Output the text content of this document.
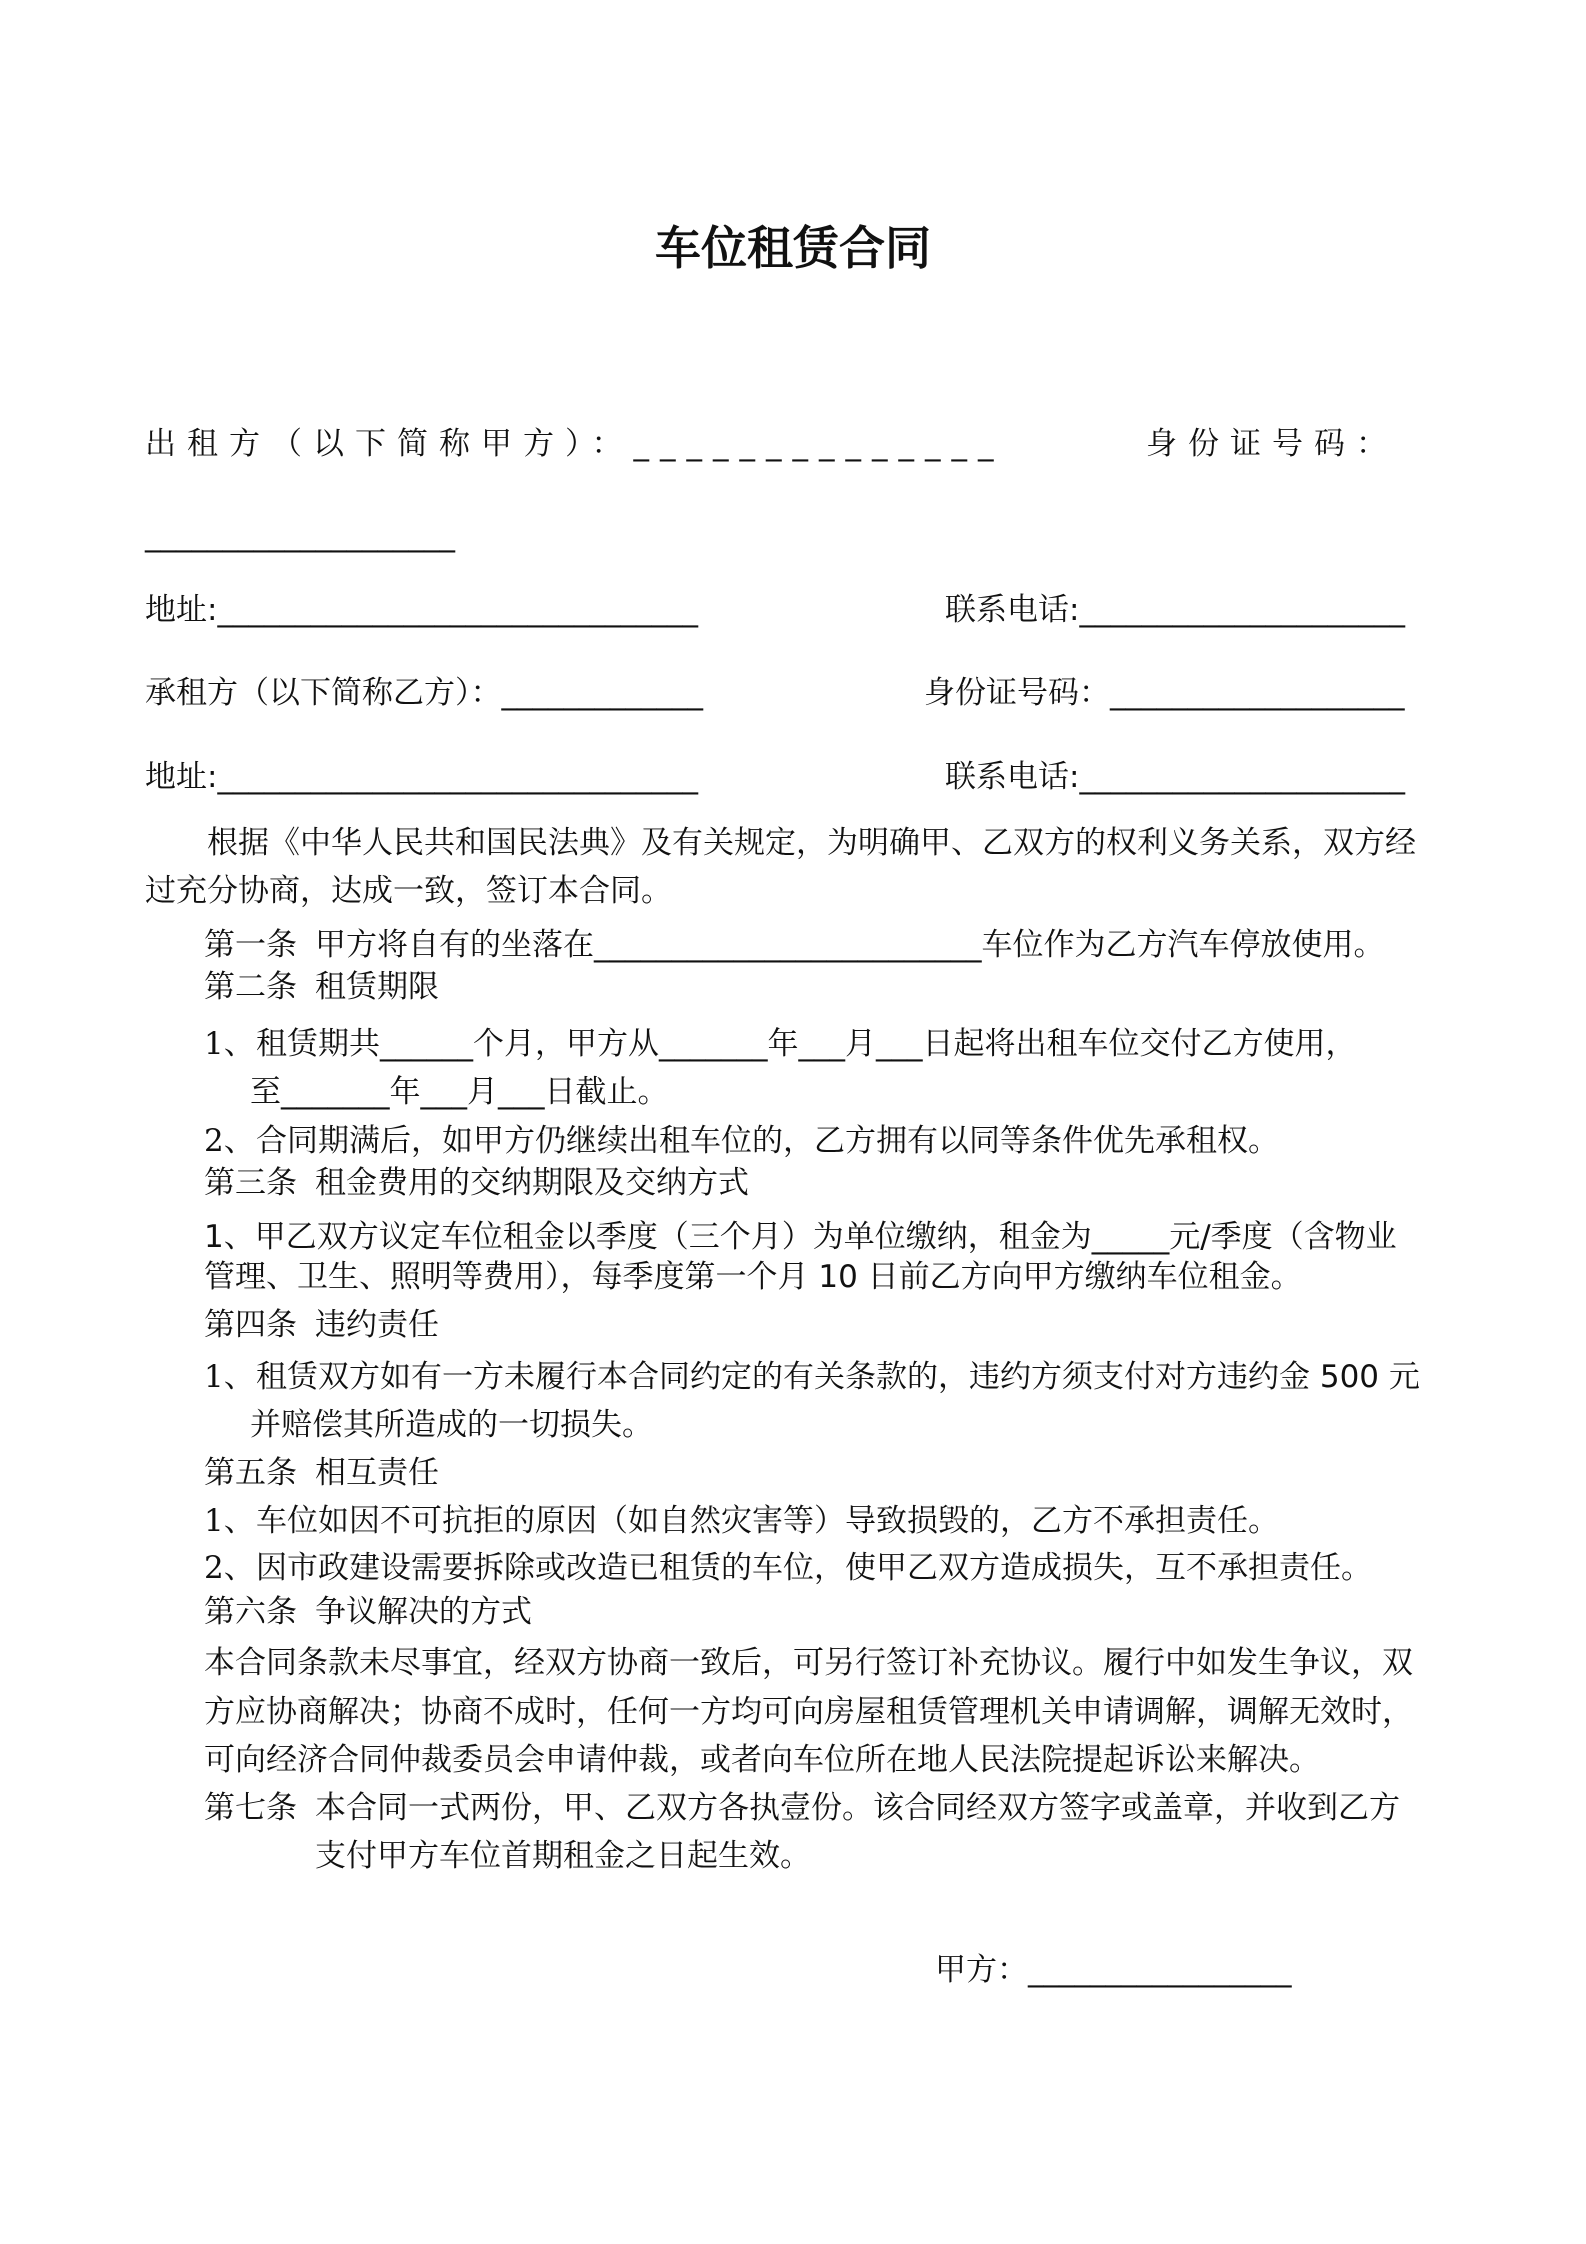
车位租赁合同

出租方（以下简称甲方）：______________	身份证号码：

____________________

地址:_______________________________	联系电话:_____________________

承租方（以下简称乙方）：_____________	身份证号码：___________________

地址:_______________________________	联系电话:_____________________

　根据《中华人民共和国民法典》及有关规定，为明确甲、乙双方的权利义务关系，双方经

过充分协商，达成一致，签订本合同。

第一条 甲方将自有的坐落在_________________________车位作为乙方汽车停放使用。

第二条 租赁期限

1、 租赁期共______个月，甲方从_______年___月___日起将出租车位交付乙方使用，

至_______年___月___日截止。

2、 合同期满后，如甲方仍继续出租车位的，乙方拥有以同等条件优先承租权。

第三条 租金费用的交纳期限及交纳方式

1、甲乙双方议定车位租金以季度（三个月）为单位缴纳，租金为_____元/季度（含物业

管理、卫生、照明等费用），每季度第一个月 10 日前乙方向甲方缴纳车位租金。

第四条 违约责任

1、 租赁双方如有一方未履行本合同约定的有关条款的，违约方须支付对方违约金 500 元

并赔偿其所造成的一切损失。

第五条 相互责任

1、 车位如因不可抗拒的原因（如自然灾害等）导致损毁的，乙方不承担责任。

2、 因市政建设需要拆除或改造已租赁的车位，使甲乙双方造成损失，互不承担责任。

第六条 争议解决的方式

本合同条款未尽事宜，经双方协商一致后，可另行签订补充协议。履行中如发生争议，双

方应协商解决；协商不成时，任何一方均可向房屋租赁管理机关申请调解，调解无效时，

可向经济合同仲裁委员会申请仲裁，或者向车位所在地人民法院提起诉讼来解决。

第七条 本合同一式两份，甲、乙双方各执壹份。该合同经双方签字或盖章，并收到乙方

支付甲方车位首期租金之日起生效。

甲方：_________________
